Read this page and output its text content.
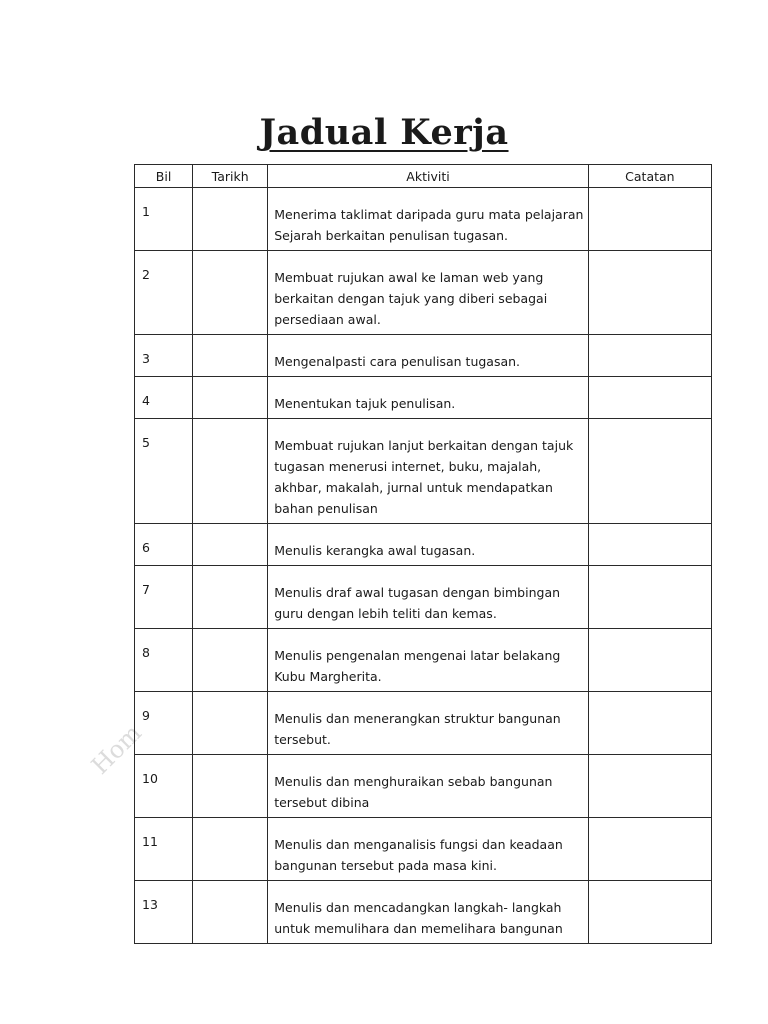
Jadual Kerja
Hom
Bil	Tarikh	Aktiviti	Catatan
1		Menerima taklimat daripada guru mata pelajaran
Sejarah berkaitan penulisan tugasan.	

2		Membuat rujukan awal ke laman web yang
berkaitan dengan tajuk yang diberi sebagai
persediaan awal.	

3		Mengenalpasti cara penulisan tugasan.	

4		Menentukan tajuk penulisan.	

5		Membuat rujukan lanjut berkaitan dengan tajuk
tugasan menerusi internet, buku, majalah,
akhbar, makalah, jurnal untuk mendapatkan
bahan penulisan	

6		Menulis kerangka awal tugasan.	

7		Menulis draf awal tugasan dengan bimbingan
guru dengan lebih teliti dan kemas.	

8		Menulis pengenalan mengenai latar belakang
Kubu Margherita.	

9		Menulis dan menerangkan struktur bangunan
tersebut.	

10		Menulis dan menghuraikan sebab bangunan
tersebut dibina	

11		Menulis dan menganalisis fungsi dan keadaan
bangunan tersebut pada masa kini.	

13		Menulis dan mencadangkan langkah- langkah
untuk memulihara dan memelihara bangunan	
